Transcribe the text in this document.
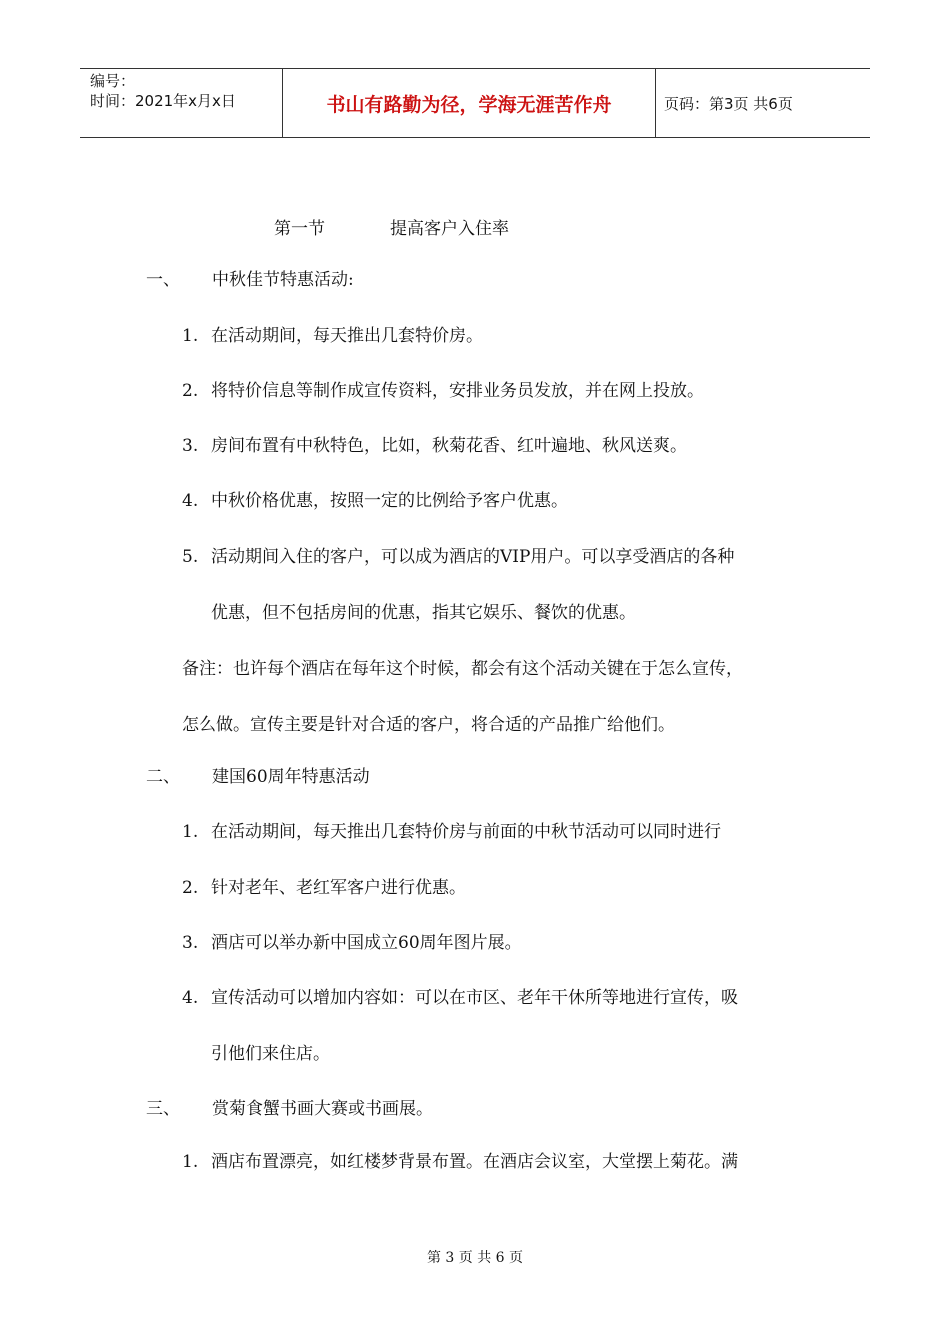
编号：
时间：2021年x月x日	书山有路勤为径，学海无涯苦作舟	页码：第3页 共6页
第一节	提高客户入住率
一、 中秋佳节特惠活动:
1. 在活动期间，每天推出几套特价房。
2. 将特价信息等制作成宣传资料，安排业务员发放，并在网上投放。
3. 房间布置有中秋特色，比如，秋菊花香、红叶遍地、秋风送爽。
4. 中秋价格优惠，按照一定的比例给予客户优惠。
5. 活动期间入住的客户，可以成为酒店的VIP用户。可以享受酒店的各种
优惠，但不包括房间的优惠，指其它娱乐、餐饮的优惠。
备注：也许每个酒店在每年这个时候，都会有这个活动关键在于怎么宣传，
怎么做。宣传主要是针对合适的客户，将合适的产品推广给他们。
二、 建国60周年特惠活动
1. 在活动期间，每天推出几套特价房与前面的中秋节活动可以同时进行
2. 针对老年、老红军客户进行优惠。
3. 酒店可以举办新中国成立60周年图片展。
4. 宣传活动可以增加内容如：可以在市区、老年干休所等地进行宣传，吸
引他们来住店。
三、 赏菊食蟹书画大赛或书画展。
1. 酒店布置漂亮，如红楼梦背景布置。在酒店会议室，大堂摆上菊花。满
第 3 页 共 6 页
